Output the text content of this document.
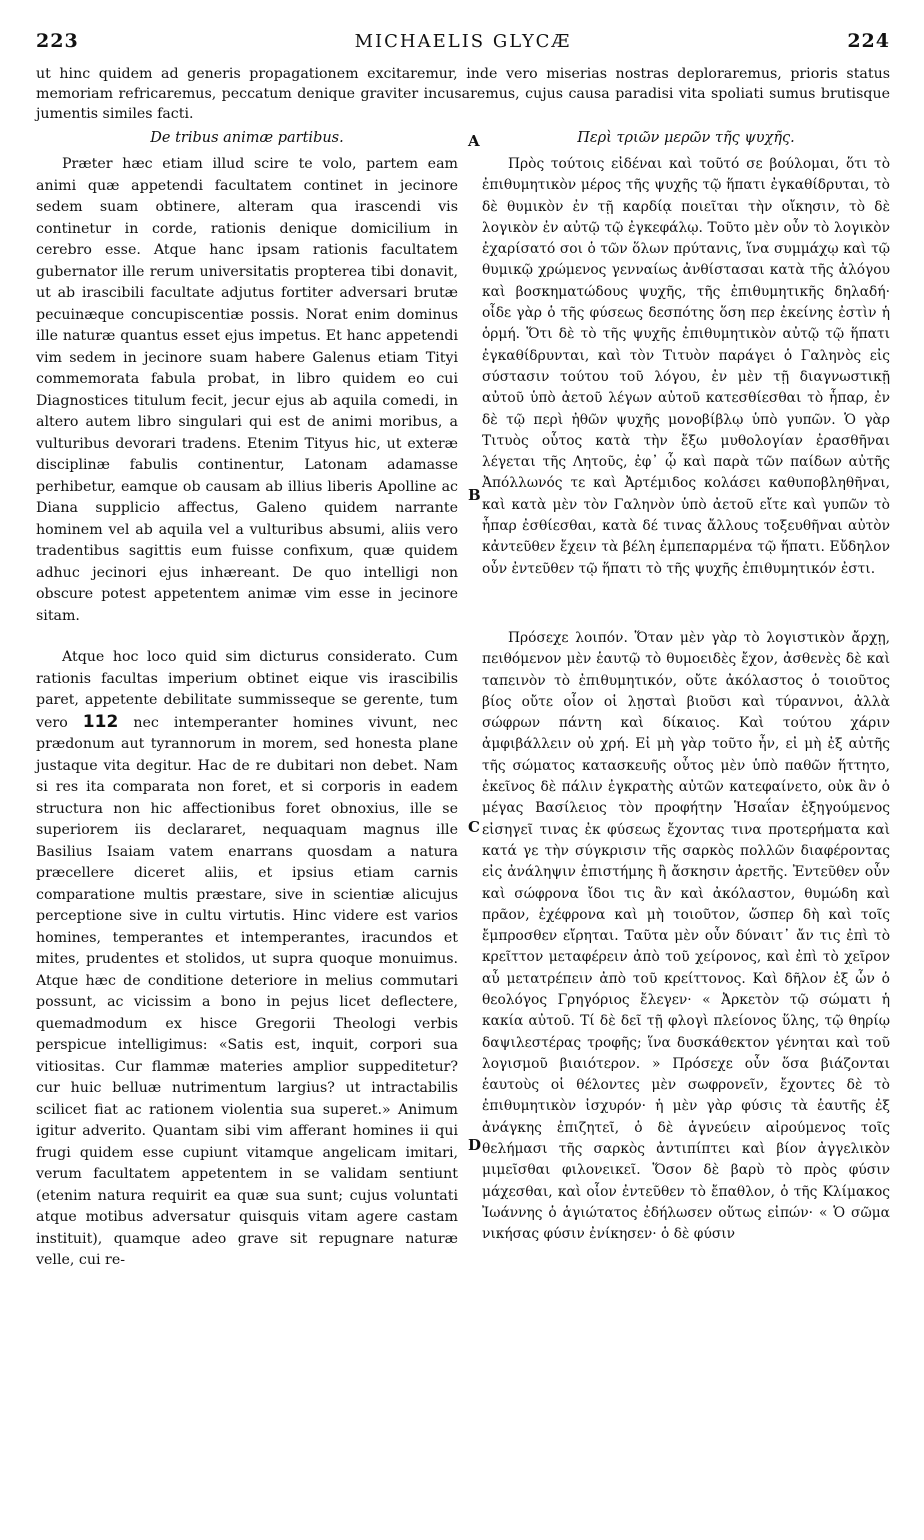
223	MICHAELIS GLYCÆ	224

ut hinc quidem ad generis propagationem excitaremur, inde vero miserias nostras deploraremus, prioris status memoriam refricaremus, peccatum denique graviter incusaremus, cujus causa paradisi vita spoliati sumus brutisque jumentis similes facti.

De tribus animæ partibus.

Præter hæc etiam illud scire te volo, partem eam animi quæ appetendi facultatem continet in jecinore sedem suam obtinere, alteram qua irascendi vis continetur in corde, rationis denique domicilium in cerebro esse. Atque hanc ipsam rationis facultatem gubernator ille rerum universitatis propterea tibi donavit, ut ab irascibili facultate adjutus fortiter adversari brutæ pecuinæque concupiscentiæ possis. Norat enim dominus ille naturæ quantus esset ejus impetus. Et hanc appetendi vim sedem in jecinore suam habere Galenus etiam Tityi commemorata fabula probat, in libro quidem eo cui Diagnostices titulum fecit, jecur ejus ab aquila comedi, in altero autem libro singulari qui est de animi moribus, a vulturibus devorari tradens. Etenim Tityus hic, ut exteræ disciplinæ fabulis continentur, Latonam adamasse perhibetur, eamque ob causam ab illius liberis Apolline ac Diana supplicio affectus, Galeno quidem narrante hominem vel ab aquila vel a vulturibus absumi, aliis vero tradentibus sagittis eum fuisse confixum, quæ quidem adhuc jecinori ejus inhæreant. De quo intelligi non obscure potest appetentem animæ vim esse in jecinore sitam.

Atque hoc loco quid sim dicturus considerato. Cum rationis facultas imperium obtinet eique vis irascibilis paret, appetente debilitate summisseque se gerente, tum vero 112 nec intemperanter homines vivunt, nec prædonum aut tyrannorum in morem, sed honesta plane justaque vita degitur. Hac de re dubitari non debet. Nam si res ita comparata non foret, et si corporis in eadem structura non hic affectionibus foret obnoxius, ille se superiorem iis declararet, nequaquam magnus ille Basilius Isaiam vatem enarrans quosdam a natura præcellere diceret aliis, et ipsius etiam carnis comparatione multis præstare, sive in scientiæ alicujus perceptione sive in cultu virtutis. Hinc videre est varios homines, temperantes et intemperantes, iracundos et mites, prudentes et stolidos, ut supra quoque monuimus. Atque hæc de conditione deteriore in melius commutari possunt, ac vicissim a bono in pejus licet deflectere, quemadmodum ex hisce Gregorii Theologi verbis perspicue intelligimus: «Satis est, inquit, corpori sua vitiositas. Cur flammæ materies amplior suppeditetur? cur huic belluæ nutrimentum largius? ut intractabilis scilicet fiat ac rationem violentia sua superet.» Animum igitur adverito. Quantam sibi vim afferant homines ii qui frugi quidem esse cupiunt vitamque angelicam imitari, verum facultatem appetentem in se validam sentiunt (etenim natura requirit ea quæ sua sunt; cujus voluntati atque motibus adversatur quisquis vitam agere castam instituit), quamque adeo grave sit repugnare naturæ velle, cui re-

A
B
C
D
Περὶ τριῶν μερῶν τῆς ψυχῆς.

Πρὸς τούτοις εἰδέναι καὶ τοῦτό σε βούλομαι, ὅτι τὸ ἐπιθυμητικὸν μέρος τῆς ψυχῆς τῷ ἥπατι ἐγκαθίδρυται, τὸ δὲ θυμικὸν ἐν τῇ καρδίᾳ ποιεῖται τὴν οἴκησιν, τὸ δὲ λογικὸν ἐν αὐτῷ τῷ ἐγκεφάλῳ. Τοῦτο μὲν οὖν τὸ λογικὸν ἐχαρίσατό σοι ὁ τῶν ὅλων πρύτανις, ἵνα συμμάχῳ καὶ τῷ θυμικῷ χρώμενος γενναίως ἀνθίστασαι κατὰ τῆς ἀλόγου καὶ βοσκηματώδους ψυχῆς, τῆς ἐπιθυμητικῆς δηλαδή· οἶδε γὰρ ὁ τῆς φύσεως δεσπότης ὅση περ ἐκείνης ἐστὶν ἡ ὁρμή. Ὅτι δὲ τὸ τῆς ψυχῆς ἐπιθυμητικὸν αὐτῷ τῷ ἥπατι ἐγκαθίδρυνται, καὶ τὸν Τιτυὸν παράγει ὁ Γαληνὸς εἰς σύστασιν τούτου τοῦ λόγου, ἐν μὲν τῇ διαγνωστικῇ αὐτοῦ ὑπὸ ἀετοῦ λέγων αὐτοῦ κατεσθίεσθαι τὸ ἧπαρ, ἐν δὲ τῷ περὶ ἠθῶν ψυχῆς μονοβίβλῳ ὑπὸ γυπῶν. Ὁ γὰρ Τιτυὸς οὗτος κατὰ τὴν ἔξω μυθολογίαν ἐρασθῆναι λέγεται τῆς Λητοῦς, ἐφ᾽ ᾧ καὶ παρὰ τῶν παίδων αὐτῆς Ἀπόλλωνός τε καὶ Ἀρτέμιδος κολάσει καθυποβληθῆναι, καὶ κατὰ μὲν τὸν Γαληνὸν ὑπὸ ἀετοῦ εἴτε καὶ γυπῶν τὸ ἧπαρ ἐσθίεσθαι, κατὰ δέ τινας ἄλλους τοξευθῆναι αὐτὸν κἀντεῦθεν ἔχειν τὰ βέλη ἐμπεπαρμένα τῷ ἥπατι. Εὔδηλον οὖν ἐντεῦθεν τῷ ἥπατι τὸ τῆς ψυχῆς ἐπιθυμητικόν ἐστι.

Πρόσεχε λοιπόν. Ὅταν μὲν γὰρ τὸ λογιστικὸν ἄρχῃ, πειθόμενον μὲν ἑαυτῷ τὸ θυμοειδὲς ἔχον, ἀσθενὲς δὲ καὶ ταπεινὸν τὸ ἐπιθυμητικόν, οὔτε ἀκόλαστος ὁ τοιοῦτος βίος οὔτε οἷον οἱ λῃσταὶ βιοῦσι καὶ τύραννοι, ἀλλὰ σώφρων πάντη καὶ δίκαιος. Καὶ τούτου χάριν ἀμφιβάλλειν οὐ χρή. Εἰ μὴ γὰρ τοῦτο ἦν, εἰ μὴ ἐξ αὐτῆς τῆς σώματος κατασκευῆς οὗτος μὲν ὑπὸ παθῶν ἥττητο, ἐκεῖνος δὲ πάλιν ἐγκρατὴς αὐτῶν κατεφαίνετο, οὐκ ἂν ὁ μέγας Βασίλειος τὸν προφήτην Ἡσαΐαν ἐξηγούμενος εἰσηγεῖ τινας ἐκ φύσεως ἔχοντας τινα προτερήματα καὶ κατά γε τὴν σύγκρισιν τῆς σαρκὸς πολλῶν διαφέροντας εἰς ἀνάληψιν ἐπιστήμης ἢ ἄσκησιν ἀρετῆς. Ἐντεῦθεν οὖν καὶ σώφρονα ἴδοι τις ἂν καὶ ἀκόλαστον, θυμώδη καὶ πρᾶον, ἐχέφρονα καὶ μὴ τοιοῦτον, ὥσπερ δὴ καὶ τοῖς ἔμπροσθεν εἴρηται. Ταῦτα μὲν οὖν δύναιτ᾽ ἄν τις ἐπὶ τὸ κρεῖττον μεταφέρειν ἀπὸ τοῦ χείρονος, καὶ ἐπὶ τὸ χεῖρον αὖ μετατρέπειν ἀπὸ τοῦ κρείττονος. Καὶ δῆλον ἐξ ὧν ὁ θεολόγος Γρηγόριος ἔλεγεν· « Ἀρκετὸν τῷ σώματι ἡ κακία αὐτοῦ. Τί δὲ δεῖ τῇ φλογὶ πλείονος ὕλης, τῷ θηρίῳ δαψιλεστέρας τροφῆς; ἵνα δυσκάθεκτον γένηται καὶ τοῦ λογισμοῦ βιαιότερον. » Πρόσεχε οὖν ὅσα βιάζονται ἑαυτοὺς οἱ θέλοντες μὲν σωφρονεῖν, ἔχοντες δὲ τὸ ἐπιθυμητικὸν ἰσχυρόν· ἡ μὲν γὰρ φύσις τὰ ἑαυτῆς ἐξ ἀνάγκης ἐπιζητεῖ, ὁ δὲ ἁγνεύειν αἱρούμενος τοῖς θελήμασι τῆς σαρκὸς ἀντιπίπτει καὶ βίον ἀγγελικὸν μιμεῖσθαι φιλονεικεῖ. Ὅσον δὲ βαρὺ τὸ πρὸς φύσιν μάχεσθαι, καὶ οἷον ἐντεῦθεν τὸ ἔπαθλον, ὁ τῆς Κλίμακος Ἰωάννης ὁ ἁγιώτατος ἐδήλωσεν οὕτως εἰπών· « Ὁ σῶμα νικήσας φύσιν ἐνίκησεν· ὁ δὲ φύσιν
